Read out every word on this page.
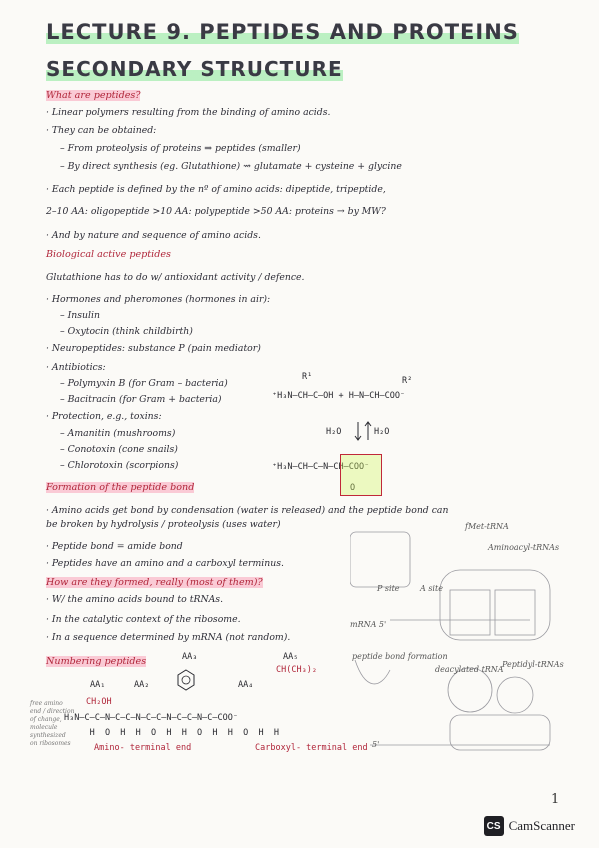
LECTURE 9. PEPTIDES AND PROTEINS
SECONDARY STRUCTURE
What are peptides?
· Linear polymers resulting from the binding of amino acids.
· They can be obtained:
– From proteolysis of proteins ⇒ peptides (smaller)
– By direct synthesis (eg. Glutathione) ⇝ glutamate + cysteine + glycine
· Each peptide is defined by the nº of amino acids: dipeptide, tripeptide,
2–10 AA: oligopeptide >10 AA: polypeptide >50 AA: proteins → by MW?
· And by nature and sequence of amino acids.
Biological active peptides
Glutathione has to do w/ antioxidant activity / defence.
· Hormones and pheromones (hormones in air):
– Insulin
– Oxytocin (think childbirth)
· Neuropeptides: substance P (pain mediator)
· Antibiotics:
– Polymyxin B (for Gram – bacteria)
– Bacitracin (for Gram + bacteria)
· Protection, e.g., toxins:
– Amanitin (mushrooms)
– Conotoxin (cone snails)
– Chlorotoxin (scorpions)
R¹	R²
⁺H₃N–CH–C–OH + H–N–CH–COO⁻
H₂O	H₂O
⁺H₃N–CH–C–N–CH–COO⁻
O
Formation of the peptide bond
· Amino acids get bond by condensation (water is released) and the peptide bond can
be broken by hydrolysis / proteolysis (uses water)
· Peptide bond = amide bond
· Peptides have an amino and a carboxyl terminus.
How are they formed, really (most of them)?
· W/ the amino acids bound to tRNAs.
· In the catalytic context of the ribosome.
· In a sequence determined by mRNA (not random).
fMet-tRNA
Aminoacyl-tRNAs
P site	A site
mRNA 5'
peptide bond formation
deacylated tRNA
Peptidyl-tRNAs
5'
Numbering peptides
AA₁	AA₂
AA₃
AA₄
AA₅
CH₂OH
CH(CH₃)₂
H₃N–C–C–N–C–C–N–C–C–N–C–C–N–C–COO⁻
H  O  H  H  O  H  H  O  H  H  O  H  H
Amino- terminal end	Carboxyl- terminal end
free amino end / direction of change, molecule synthesized on ribosomes
1
CS CamScanner
